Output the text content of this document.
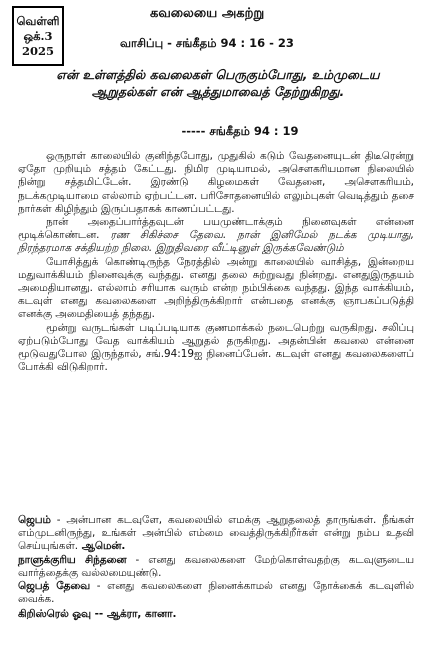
வெள்ளி
ஒக்.3
2025
கவலையை அகற்று
வாசிப்பு - சங்கீதம் 94 : 16 - 23
என் உள்ளத்தில் கவலைகள் பெருகும்போது, உம்முடைய ஆறுதல்கள் என் ஆத்துமாவைத் தேற்றுகிறது.
----- சங்கீதம் 94 : 19

ஒருநாள் காலையில் குனிந்தபோது, முதுகில் கடும் வேதனையுடன் திடீரென்று ஏதோ முறியும் சத்தம் கேட்டது. நிமிர முடியாமல், அசௌகரியமான நிலையில் நின்று சத்தமிட்டேன். இரண்டு கிழமைகள் வேதனை, அசௌகரியம், நடக்கமுடியாமை எல்லாம் ஏற்பட்டன. பரிசோதனையில் எலும்புகள் வெடித்தும் தசை நார்கள் கிழிந்தும் இருப்பதாகக் காணப்பட்டது.

நான் அதைப்பார்த்தவுடன் பயமுண்டாக்கும் நினைவுகள் என்னை மூடிக்கொண்டன. ரண சிகிச்சை தேவை. நான் இனிமேல் நடக்க முடியாது, நிரந்தரமாக சக்தியற்ற நிலை. இறுதிவரை வீட்டினுள் இருக்கவேண்டும்

யோசித்துக் கொண்டிருந்த நேரத்தில் அன்று காலையில் வாசித்த, இன்றைய மதுவாக்கியம் நினைவுக்கு வந்தது. எனது தலை சுற்றுவது நின்றது. எனதுஇருதயம் அமைதியானது. எல்லாம் சரியாக வரும் என்ற நம்பிக்கை வந்தது. இந்த வாக்கியம், கடவுள் எனது கவலைகளை அறிந்திருக்கிறார் என்பதை எனக்கு ஞாபகப்படுத்தி எனக்கு அமைதியைத் தந்தது.

மூன்று வருடங்கள் படிப்படியாக குணமாக்கல் நடைபெற்று வருகிறது. சலிப்பு ஏற்படும்போது வேத வாக்கியம் ஆறுதல் தருகிறது. அதன்பின் கவலை என்னை மூடுவதுபோல இருந்தால், சங்.94:19ஐ நினைப்பேன். கடவுள் எனது கவலைகளைப் போக்கி விடுகிறார்.

ஜெபம் - அன்பான கடவுளே, கவலையில் எமக்கு ஆறுதலைத் தாருங்கள். நீங்கள் எம்முடனிருந்து, உங்கள் அன்பில் எம்மை வைத்திருக்கிறீர்கள் என்று நம்ப உதவி செய்யுங்கள். ஆமென்.

நாளுக்குரிய சிந்தனை - எனது கவலைகளை மேற்கொள்வதற்கு கடவுளுடைய வார்த்தைக்கு வல்லமையுண்டு.

ஜெபத் தேவை - எனது கவலைகளை நினைக்காமல் எனது நோக்கைக் கடவுளில் வைக்க.

கிறிஸ்ரெல் ஓவு -- ஆக்ரா, கானா.
